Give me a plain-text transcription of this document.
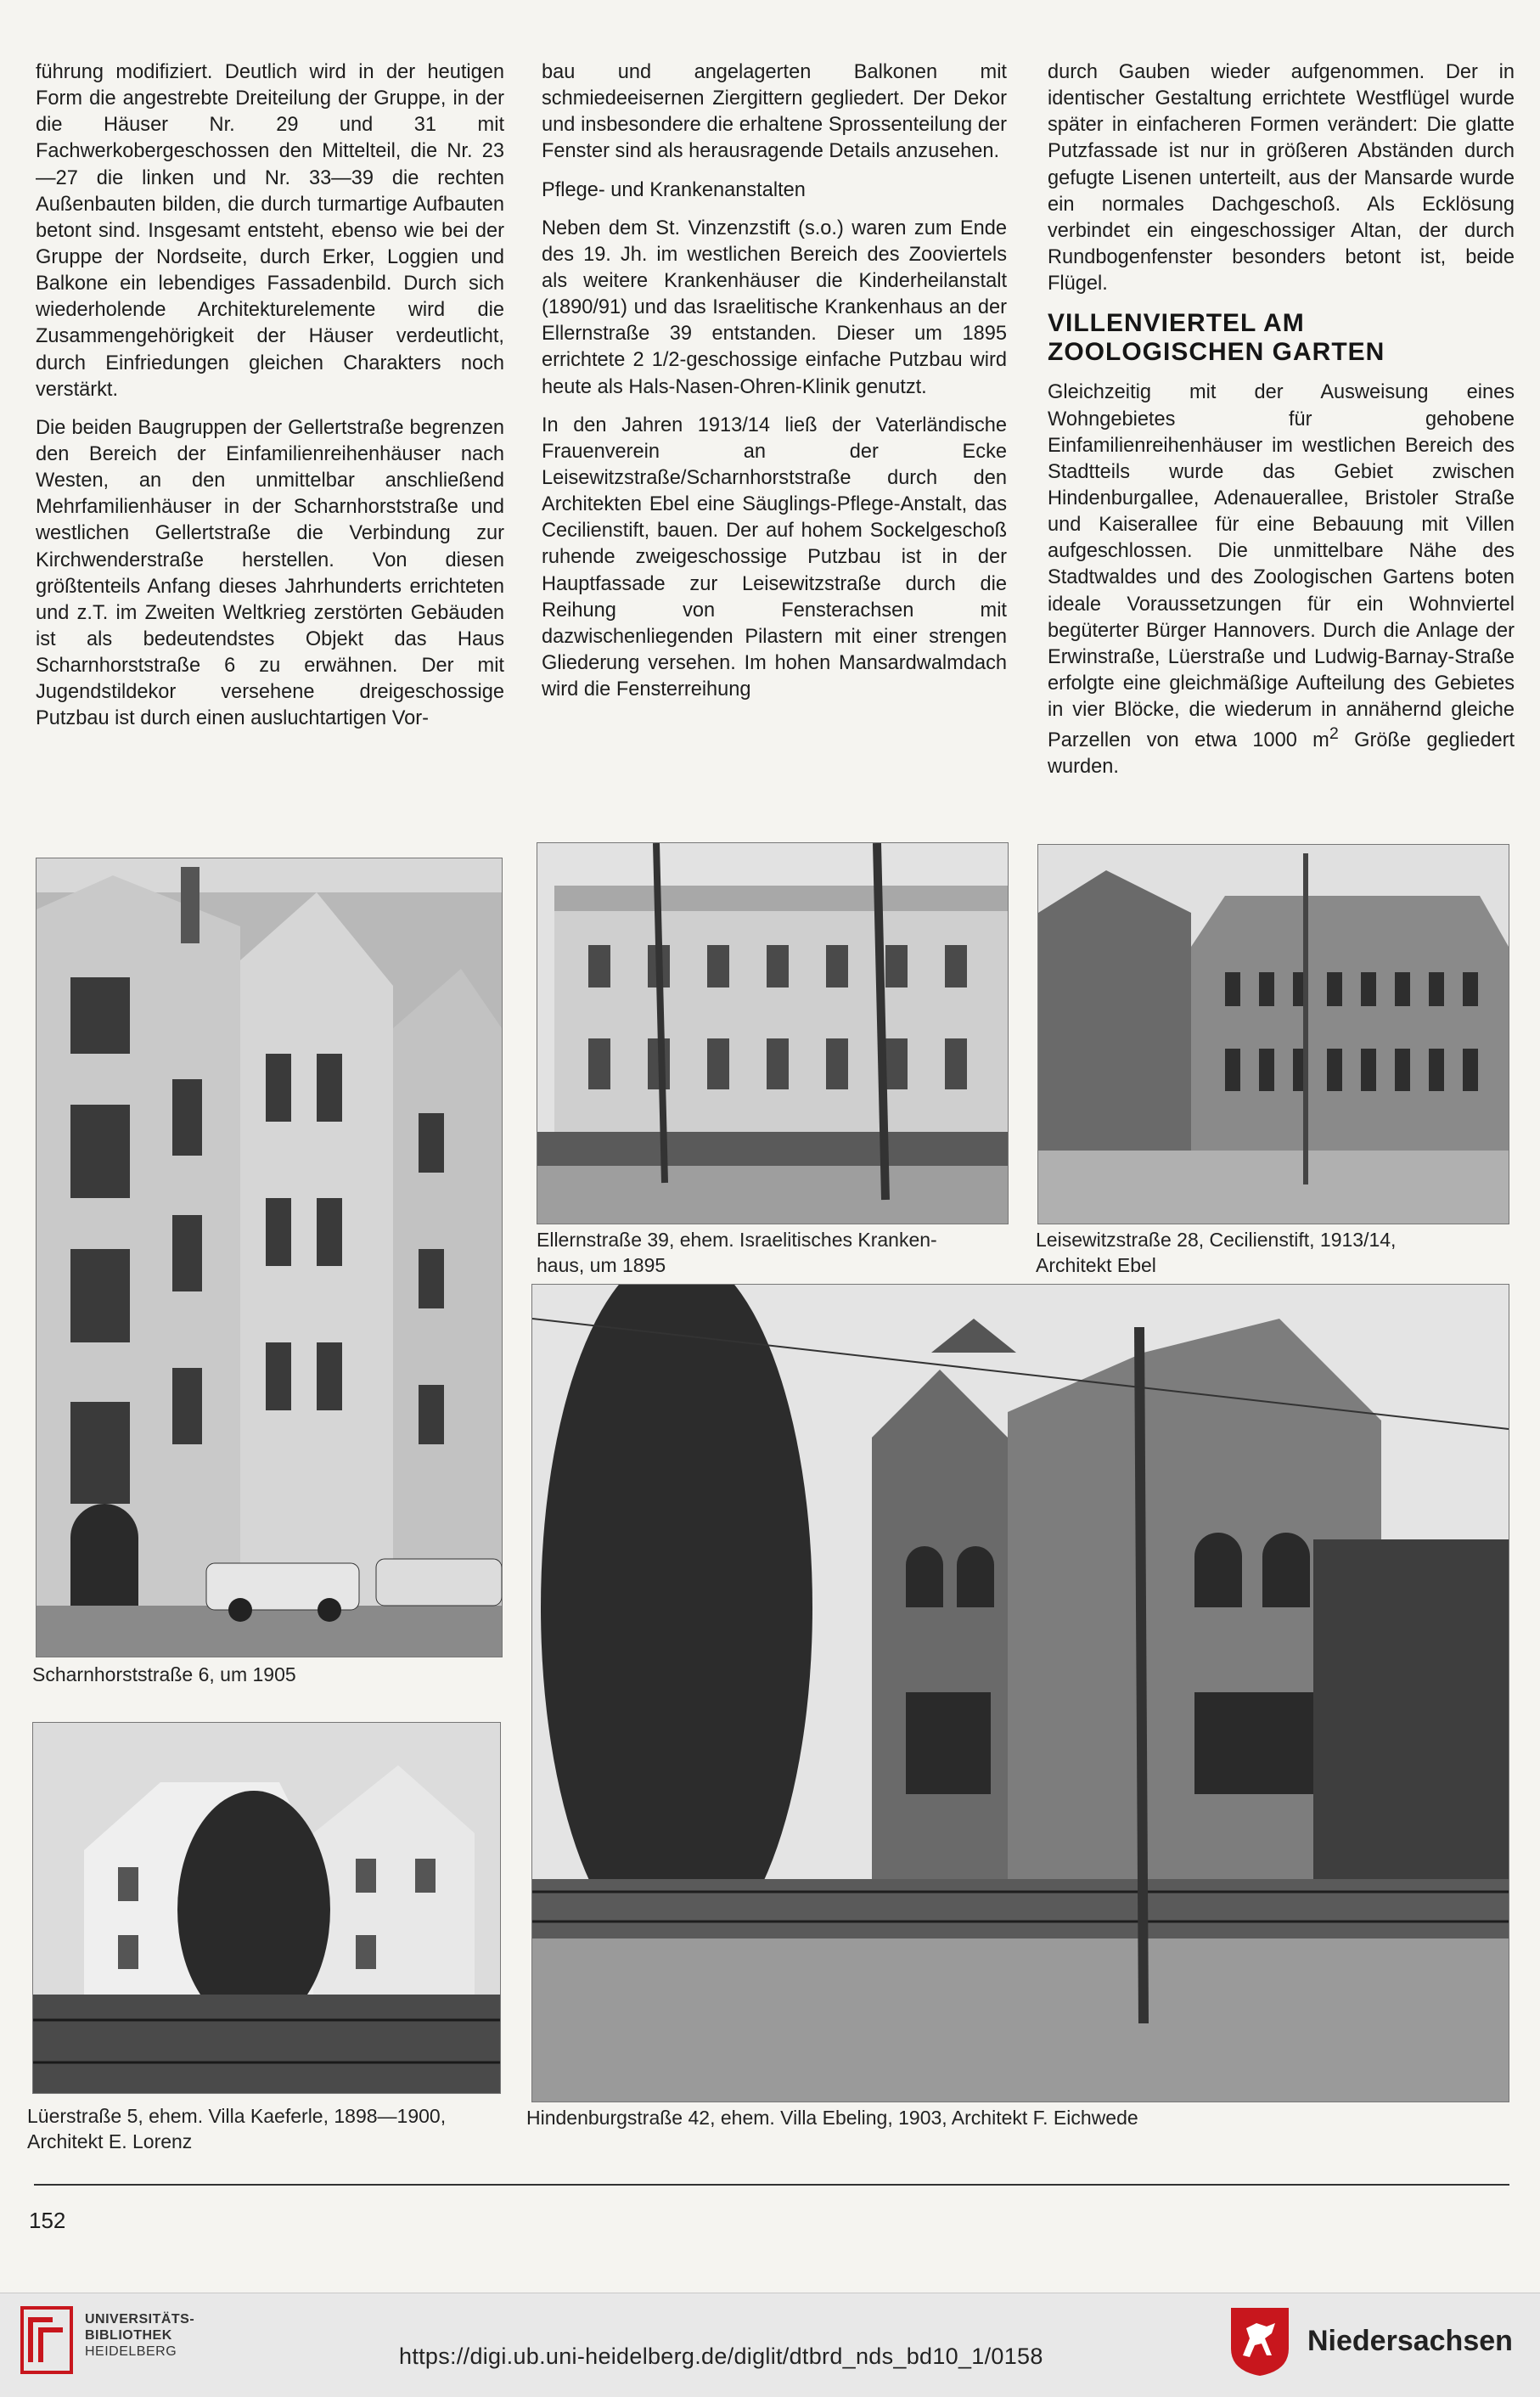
führung modifiziert. Deutlich wird in der heutigen Form die angestrebte Dreiteilung der Gruppe, in der die Häuser Nr. 29 und 31 mit Fachwerkobergeschossen den Mittelteil, die Nr. 23—27 die linken und Nr. 33—39 die rechten Außenbauten bilden, die durch turmartige Aufbauten betont sind. Insgesamt entsteht, ebenso wie bei der Gruppe der Nordseite, durch Erker, Loggien und Balkone ein lebendiges Fassadenbild. Durch sich wiederholende Architekturelemente wird die Zusammengehörigkeit der Häuser verdeutlicht, durch Einfriedungen gleichen Charakters noch verstärkt.

Die beiden Baugruppen der Gellertstraße begrenzen den Bereich der Einfamilienreihenhäuser nach Westen, an den unmittelbar anschließend Mehrfamilienhäuser in der Scharnhorststraße und westlichen Gellertstraße die Verbindung zur Kirchwenderstraße herstellen. Von diesen größtenteils Anfang dieses Jahrhunderts errichteten und z.T. im Zweiten Weltkrieg zerstörten Gebäuden ist als bedeutendstes Objekt das Haus Scharnhorststraße 6 zu erwähnen. Der mit Jugendstildekor versehene dreigeschossige Putzbau ist durch einen ausluchtartigen Vor-

bau und angelagerten Balkonen mit schmiedeeisernen Ziergittern gegliedert. Der Dekor und insbesondere die erhaltene Sprossenteilung der Fenster sind als herausragende Details anzusehen.

Pflege- und Krankenanstalten

Neben dem St. Vinzenzstift (s.o.) waren zum Ende des 19. Jh. im westlichen Bereich des Zooviertels als weitere Krankenhäuser die Kinderheilanstalt (1890/91) und das Israelitische Krankenhaus an der Ellernstraße 39 entstanden. Dieser um 1895 errichtete 2 1/2-geschossige einfache Putzbau wird heute als Hals-Nasen-Ohren-Klinik genutzt.

In den Jahren 1913/14 ließ der Vaterländische Frauenverein an der Ecke Leisewitzstraße/Scharnhorststraße durch den Architekten Ebel eine Säuglings-Pflege-Anstalt, das Cecilienstift, bauen. Der auf hohem Sockelgeschoß ruhende zweigeschossige Putzbau ist in der Hauptfassade zur Leisewitzstraße durch die Reihung von Fensterachsen mit dazwischenliegenden Pilastern mit einer strengen Gliederung versehen. Im hohen Mansardwalmdach wird die Fensterreihung

durch Gauben wieder aufgenommen. Der in identischer Gestaltung errichtete Westflügel wurde später in einfacheren Formen verändert: Die glatte Putzfassade ist nur in größeren Abständen durch gefugte Lisenen unterteilt, aus der Mansarde wurde ein normales Dachgeschoß. Als Ecklösung verbindet ein eingeschossiger Altan, der durch Rundbogenfenster besonders betont ist, beide Flügel.

VILLENVIERTEL AM
ZOOLOGISCHEN GARTEN

Gleichzeitig mit der Ausweisung eines Wohngebietes für gehobene Einfamilienreihenhäuser im westlichen Bereich des Stadtteils wurde das Gebiet zwischen Hindenburgallee, Adenauerallee, Bristoler Straße und Kaiserallee für eine Bebauung mit Villen aufgeschlossen. Die unmittelbare Nähe des Stadtwaldes und des Zoologischen Gartens boten ideale Voraussetzungen für ein Wohnviertel begüterter Bürger Hannovers. Durch die Anlage der Erwinstraße, Lüerstraße und Ludwig-Barnay-Straße erfolgte eine gleichmäßige Aufteilung des Gebietes in vier Blöcke, die wiederum in annähernd gleiche Parzellen von etwa 1000 $m^2$ Größe gegliedert wurden.

Scharnhorststraße 6, um 1905
Ellernstraße 39, ehem. Israelitisches Kranken-
haus, um 1895
Leisewitzstraße 28, Cecilienstift, 1913/14,
Architekt Ebel
Lüerstraße 5, ehem. Villa Kaeferle, 1898—1900,
Architekt E. Lorenz
Hindenburgstraße 42, ehem. Villa Ebeling, 1903, Architekt F. Eichwede
152
UNIVERSITÄTS-
BIBLIOTHEK
HEIDELBERG	https://digi.ub.uni-heidelberg.de/diglit/dtbrd_nds_bd10_1/0158	Niedersachsen
